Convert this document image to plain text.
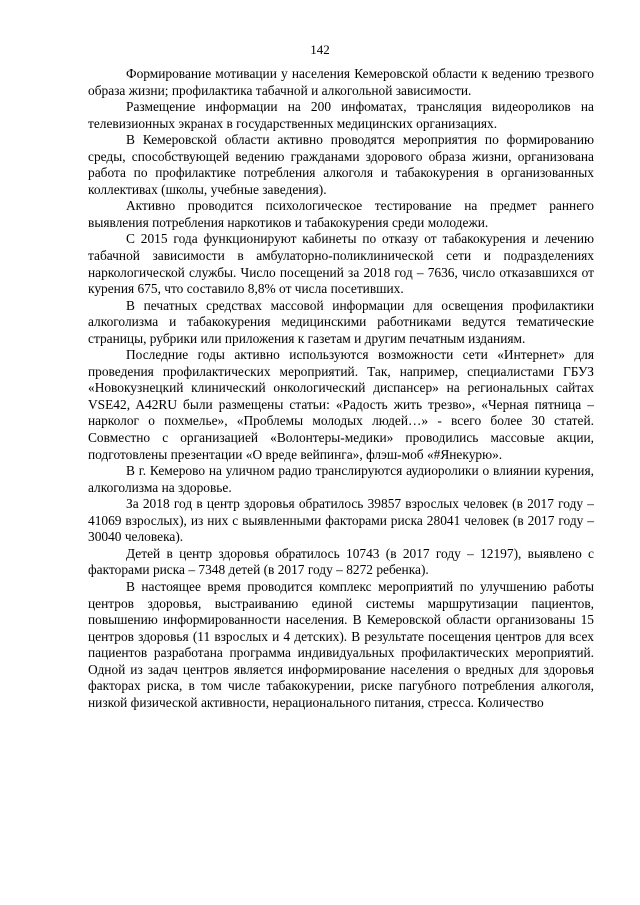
142

Формирование мотивации у населения Кемеровской области к ведению трезвого образа жизни; профилактика табачной и алкогольной зависимости.

Размещение информации на 200 инфоматах, трансляция видеороликов на телевизионных экранах в государственных медицинских организациях.

В Кемеровской области активно проводятся мероприятия по формированию среды, способствующей ведению гражданами здорового образа жизни, организована работа по профилактике потребления алкоголя и табакокурения в организованных коллективах (школы, учебные заведения).

Активно проводится психологическое тестирование на предмет раннего выявления потребления наркотиков и табакокурения среди молодежи.

С 2015 года функционируют кабинеты по отказу от табакокурения и лечению табачной зависимости в амбулаторно-поликлинической сети и подразделениях наркологической службы. Число посещений за 2018 год – 7636, число отказавшихся от курения 675, что составило 8,8% от числа посетивших.

В печатных средствах массовой информации для освещения профилактики алкоголизма и табакокурения медицинскими работниками ведутся тематические страницы, рубрики или приложения к газетам и другим печатным изданиям.

Последние годы активно используются возможности сети «Интернет» для проведения профилактических мероприятий. Так, например, специалистами ГБУЗ «Новокузнецкий клинический онкологический диспансер» на региональных сайтах VSE42, A42RU были размещены статьи: «Радость жить трезво», «Черная пятница – нарколог о похмелье», «Проблемы молодых людей…» - всего более 30 статей. Совместно с организацией «Волонтеры-медики» проводились массовые акции, подготовлены презентации «О вреде вейпинга», флэш-моб «#Янекурю».

В г. Кемерово на уличном радио транслируются аудиоролики о влиянии курения, алкоголизма на здоровье.

За 2018 год в центр здоровья обратилось 39857 взрослых человек (в 2017 году – 41069 взрослых), из них с выявленными факторами риска 28041 человек (в 2017 году – 30040 человека).

Детей в центр здоровья обратилось 10743 (в 2017 году – 12197), выявлено с факторами риска – 7348 детей (в 2017 году – 8272 ребенка).

В настоящее время проводится комплекс мероприятий по улучшению работы центров здоровья, выстраиванию единой системы маршрутизации пациентов, повышению информированности населения. В Кемеровской области организованы 15 центров здоровья (11 взрослых и 4 детских). В результате посещения центров для всех пациентов разработана программа индивидуальных профилактических мероприятий. Одной из задач центров является информирование населения о вредных для здоровья факторах риска, в том числе табакокурении, риске пагубного потребления алкоголя, низкой физической активности, нерационального питания, стресса. Количество
